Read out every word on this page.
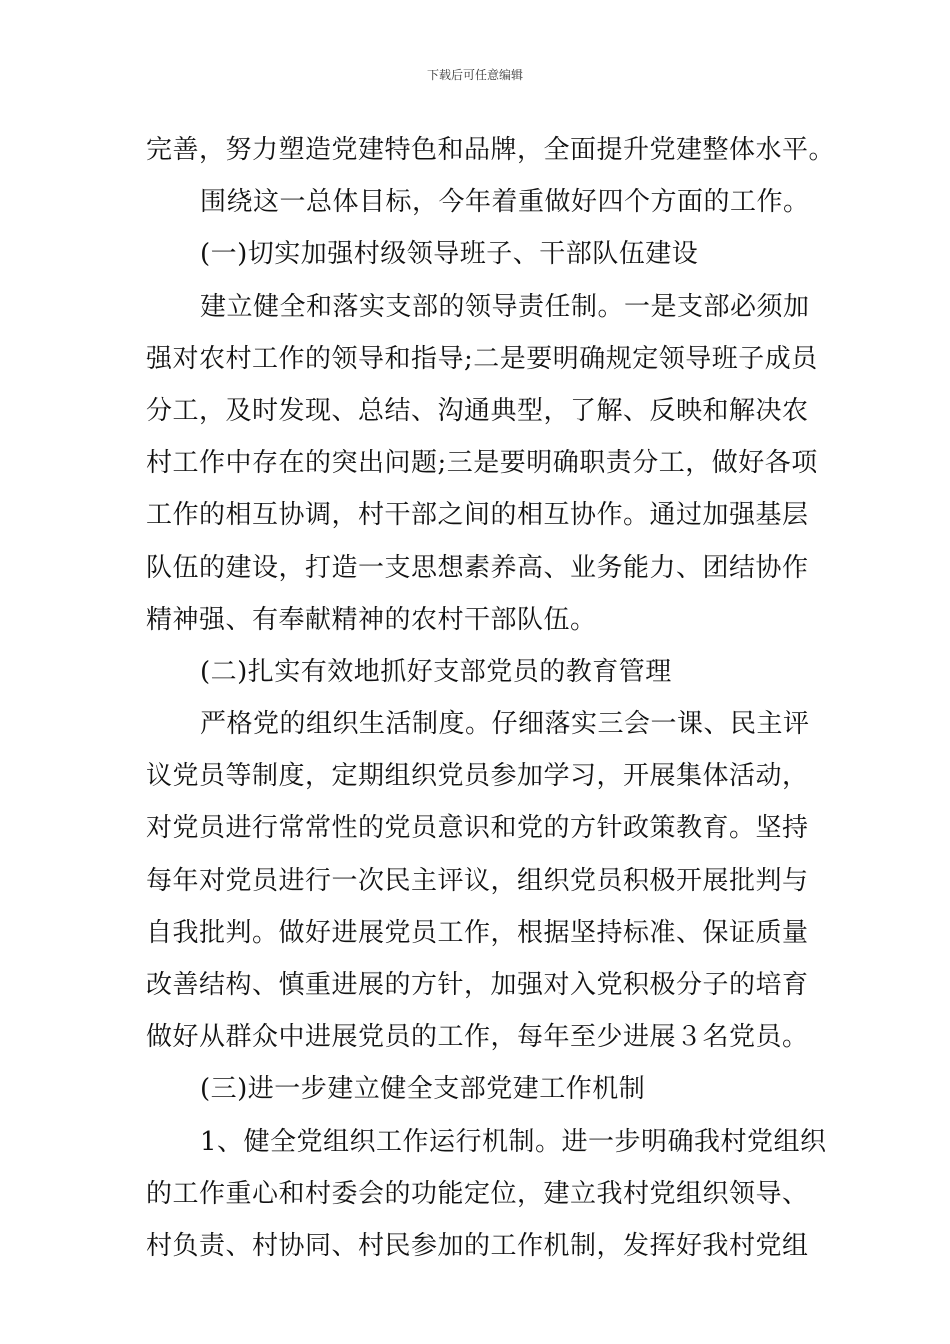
下载后可任意编辑
完善，努力塑造党建特色和品牌，全面提升党建整体水平。
围绕这一总体目标，今年着重做好四个方面的工作。
(一)切实加强村级领导班子、干部队伍建设
建立健全和落实支部的领导责任制。一是支部必须加
强对农村工作的领导和指导;二是要明确规定领导班子成员
分工，及时发现、总结、沟通典型，了解、反映和解决农
村工作中存在的突出问题;三是要明确职责分工，做好各项
工作的相互协调，村干部之间的相互协作。通过加强基层
队伍的建设，打造一支思想素养高、业务能力、团结协作
精神强、有奉献精神的农村干部队伍。
(二)扎实有效地抓好支部党员的教育管理
严格党的组织生活制度。仔细落实三会一课、民主评
议党员等制度，定期组织党员参加学习，开展集体活动，
对党员进行常常性的党员意识和党的方针政策教育。坚持
每年对党员进行一次民主评议，组织党员积极开展批判与
自我批判。做好进展党员工作，根据坚持标准、保证质量
改善结构、慎重进展的方针，加强对入党积极分子的培育
做好从群众中进展党员的工作，每年至少进展３名党员。
(三)进一步建立健全支部党建工作机制
1、健全党组织工作运行机制。进一步明确我村党组织
的工作重心和村委会的功能定位，建立我村党组织领导、
村负责、村协同、村民参加的工作机制，发挥好我村党组
